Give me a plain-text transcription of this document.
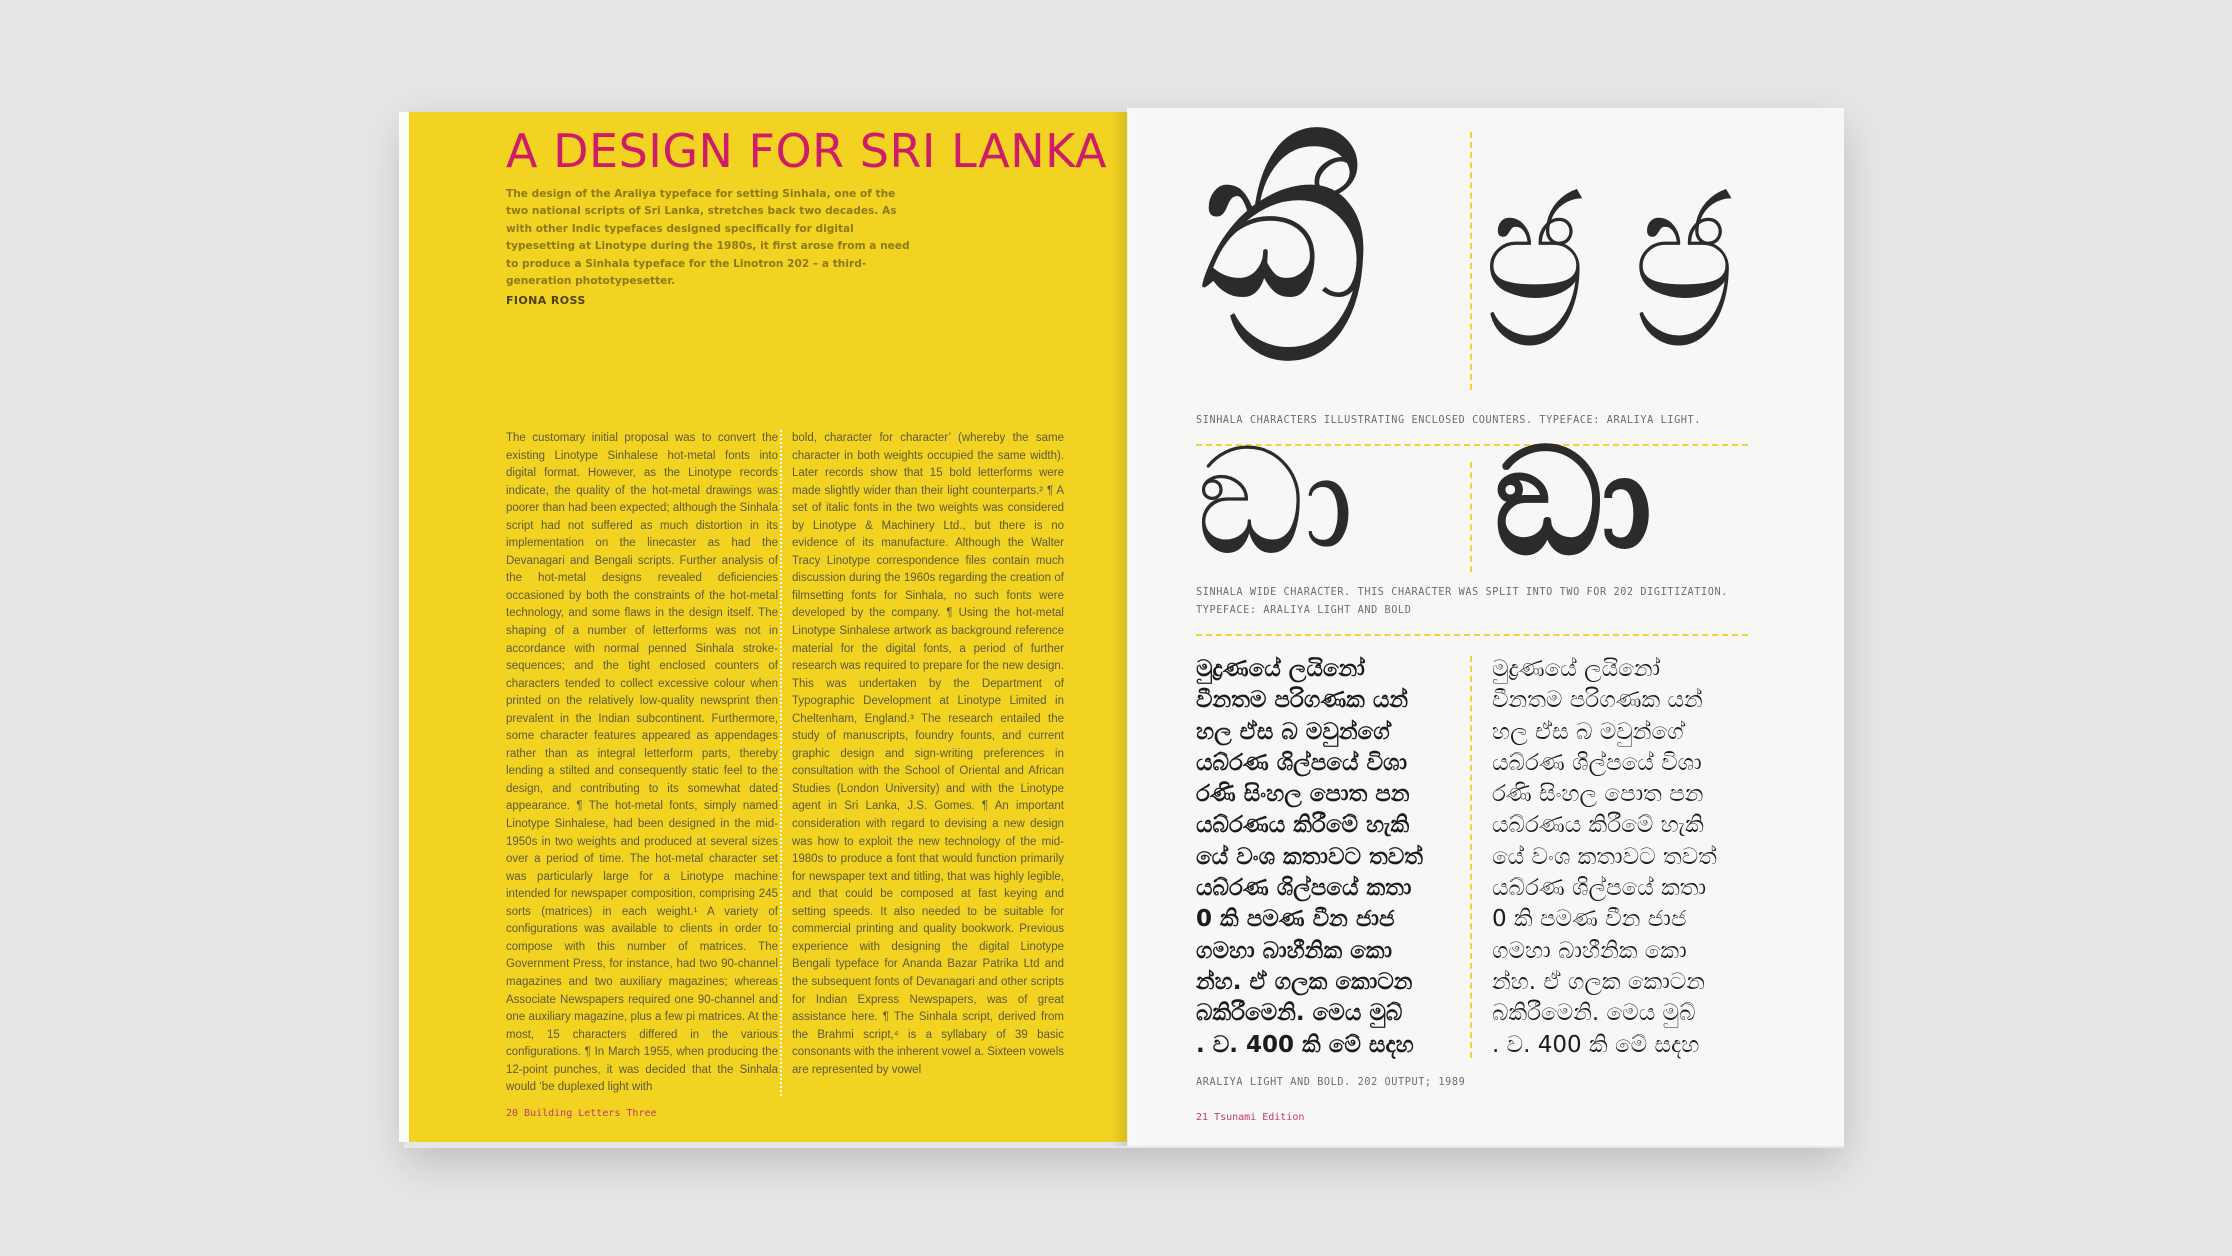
A DESIGN FOR SRI LANKA
The design of the Araliya typeface for setting Sinhala, one of the two national scripts of Sri Lanka, stretches back two decades. As with other Indic typefaces designed specifically for digital typesetting at Linotype during the 1980s, it first arose from a need to produce a Sinhala typeface for the Linotron 202 – a third-generation phototypesetter.
FIONA ROSS
The customary initial proposal was to convert the existing Linotype Sinhalese hot-metal fonts into digital format. However, as the Linotype records indicate, the quality of the hot-metal drawings was poorer than had been expected; although the Sinhala script had not suffered as much distortion in its implementation on the linecaster as had the Devanagari and Bengali scripts. Further analysis of the hot-metal designs revealed deficiencies occasioned by both the constraints of the hot-metal technology, and some flaws in the design itself. The shaping of a number of letterforms was not in accordance with normal penned Sinhala stroke-sequences; and the tight enclosed counters of characters tended to collect excessive colour when printed on the relatively low-quality newsprint then prevalent in the Indian subcontinent. Furthermore, some character features appeared as appendages rather than as integral letterform parts, thereby lending a stilted and consequently static feel to the design, and contributing to its somewhat dated appearance. ¶ The hot-metal fonts, simply named Linotype Sinhalese, had been designed in the mid-1950s in two weights and produced at several sizes over a period of time. The hot-metal character set was particularly large for a Linotype machine intended for newspaper composition, comprising 245 sorts (matrices) in each weight.¹ A variety of configurations was available to clients in order to compose with this number of matrices. The Government Press, for instance, had two 90-channel magazines and two auxiliary magazines; whereas Associate Newspapers required one 90-channel and one auxiliary magazine, plus a few pi matrices. At the most, 15 characters differed in the various configurations. ¶ In March 1955, when producing the 12-point punches, it was decided that the Sinhala would ‘be duplexed light with
bold, character for character’ (whereby the same character in both weights occupied the same width). Later records show that 15 bold letterforms were made slightly wider than their light counterparts.² ¶ A set of italic fonts in the two weights was considered by Linotype & Machinery Ltd., but there is no evidence of its manufacture. Although the Walter Tracy Linotype correspondence files contain much discussion during the 1960s regarding the creation of filmsetting fonts for Sinhala, no such fonts were developed by the company. ¶ Using the hot-metal Linotype Sinhalese artwork as background reference material for the digital fonts, a period of further research was required to prepare for the new design. This was undertaken by the Department of Typographic Development at Linotype Limited in Cheltenham, England.³ The research entailed the study of manuscripts, foundry founts, and current graphic design and sign-writing preferences in consultation with the School of Oriental and African Studies (London University) and with the Linotype agent in Sri Lanka, J.S. Gomes. ¶ An important consideration with regard to devising a new design was how to exploit the new technology of the mid-1980s to produce a font that would function primarily for newspaper text and titling, that was highly legible, and that could be composed at fast keying and setting speeds. It also needed to be suitable for commercial printing and quality bookwork. Previous experience with designing the digital Linotype Bengali typeface for Ananda Bazar Patrika Ltd and the subsequent fonts of Devanagari and other scripts for Indian Express Newspapers, was of great assistance here. ¶ The Sinhala script, derived from the Brahmi script,⁴ is a syllabary of 39 basic consonants with the inherent vowel a. Sixteen vowels are represented by vowel
20 Building Letters Three
ක්‍රී ජ්‍ර ජ්‍ර
SINHALA CHARACTERS ILLUSTRATING ENCLOSED COUNTERS. TYPEFACE: ARALIYA LIGHT.
ඞා ඞා
SINHALA WIDE CHARACTER. THIS CHARACTER WAS SPLIT INTO TWO FOR 202 DIGITIZATION. TYPEFACE: ARALIYA LIGHT AND BOLD
මුද්‍රණයේ ලයිනෝ
වීනතම පරිගණක යන්
හල ඒස බ මවුන්ගේ
යබ්රණ ශිල්පයේ විශා
රණි සිංහල පොත පන
යබ්රණය කිරීමේ හැකි
යේ වංශ කතාවට තවත්
යබ්රණ ශිල්පයේ කතා
0 කි පමණ වීන ජාජ
ගමහා බාහීනික කො
න්හ. ඒ ගලක කොටන
බකිරීමෙනි. මෙය මුබ්
. ව. 400 කි මේ සදහ
මුද්‍රණයේ ලයිනෝ
වීනතම පරිගණක යන්
හල ඒස බ මවුන්ගේ
යබ්රණ ශිල්පයේ විශා
රණි සිංහල පොත පන
යබ්රණය කිරීමේ හැකි
යේ වංශ කතාවට තවත්
යබ්රණ ශිල්පයේ කතා
0 කි පමණ වීන ජාජ
ගමහා බාහීනික කො
න්හ. ඒ ගලක කොටන
බකිරීමෙනි. මෙය මුබ්
. ව. 400 කි මේ සදහ
ARALIYA LIGHT AND BOLD. 202 OUTPUT; 1989
21 Tsunami Edition
